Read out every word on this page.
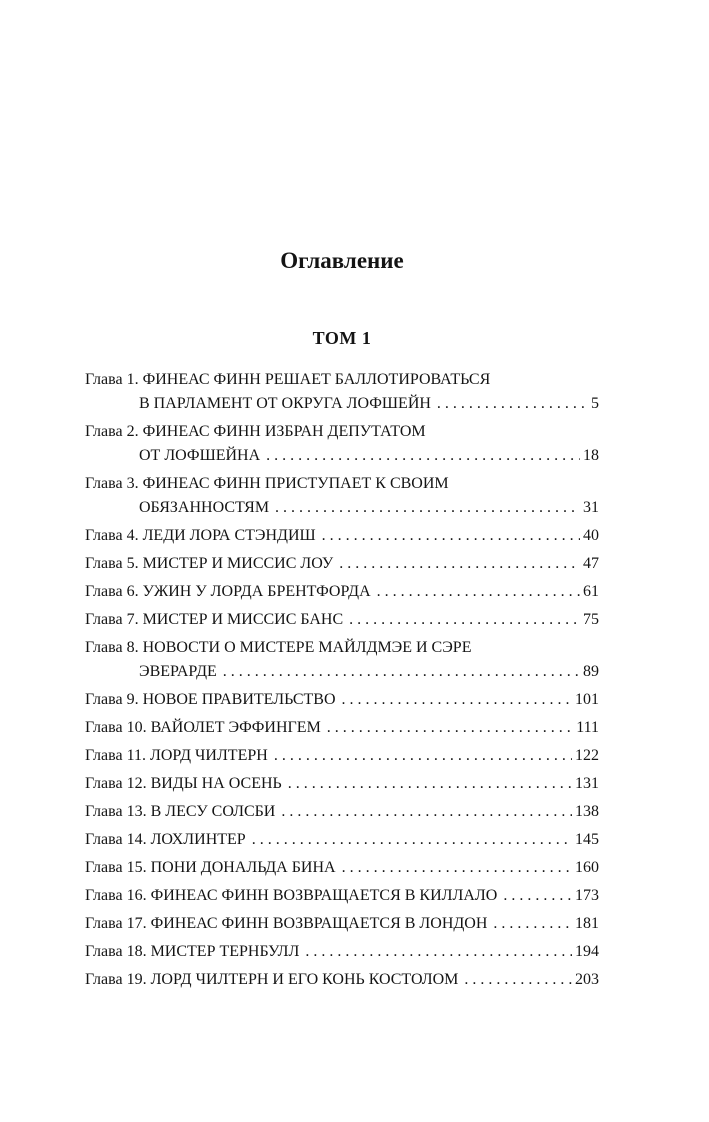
Оглавление
ТОМ 1
Глава 1. ФИНЕАС ФИНН РЕШАЕТ БАЛЛОТИРОВАТЬСЯ
В ПАРЛАМЕНТ ОТ ОКРУГА ЛОФШЕЙН . . .	5
Глава 2. ФИНЕАС ФИНН ИЗБРАН ДЕПУТАТОМ
ОТ ЛОФШЕЙНА . . .	18
Глава 3. ФИНЕАС ФИНН ПРИСТУПАЕТ К СВОИМ
ОБЯЗАННОСТЯМ . . .	31
Глава 4. ЛЕДИ ЛОРА СТЭНДИШ . . .	40
Глава 5. МИСТЕР И МИССИС ЛОУ . . .	47
Глава 6. УЖИН У ЛОРДА БРЕНТФОРДА . . .	61
Глава 7. МИСТЕР И МИССИС БАНС . . .	75
Глава 8. НОВОСТИ О МИСТЕРЕ МАЙЛДМЭЕ И СЭРЕ
ЭВЕРАРДЕ . . .	89
Глава 9. НОВОЕ ПРАВИТЕЛЬСТВО . . .	101
Глава 10. ВАЙОЛЕТ ЭФФИНГЕМ . . .	111
Глава 11. ЛОРД ЧИЛТЕРН . . .	122
Глава 12. ВИДЫ НА ОСЕНЬ . . .	131
Глава 13. В ЛЕСУ СОЛСБИ . . .	138
Глава 14. ЛОХЛИНТЕР . . .	145
Глава 15. ПОНИ ДОНАЛЬДА БИНА . . .	160
Глава 16. ФИНЕАС ФИНН ВОЗВРАЩАЕТСЯ В КИЛЛАЛО . . .	173
Глава 17. ФИНЕАС ФИНН ВОЗВРАЩАЕТСЯ В ЛОНДОН . . .	181
Глава 18. МИСТЕР ТЕРНБУЛЛ . . .	194
Глава 19. ЛОРД ЧИЛТЕРН И ЕГО КОНЬ КОСТОЛОМ . . .	203
